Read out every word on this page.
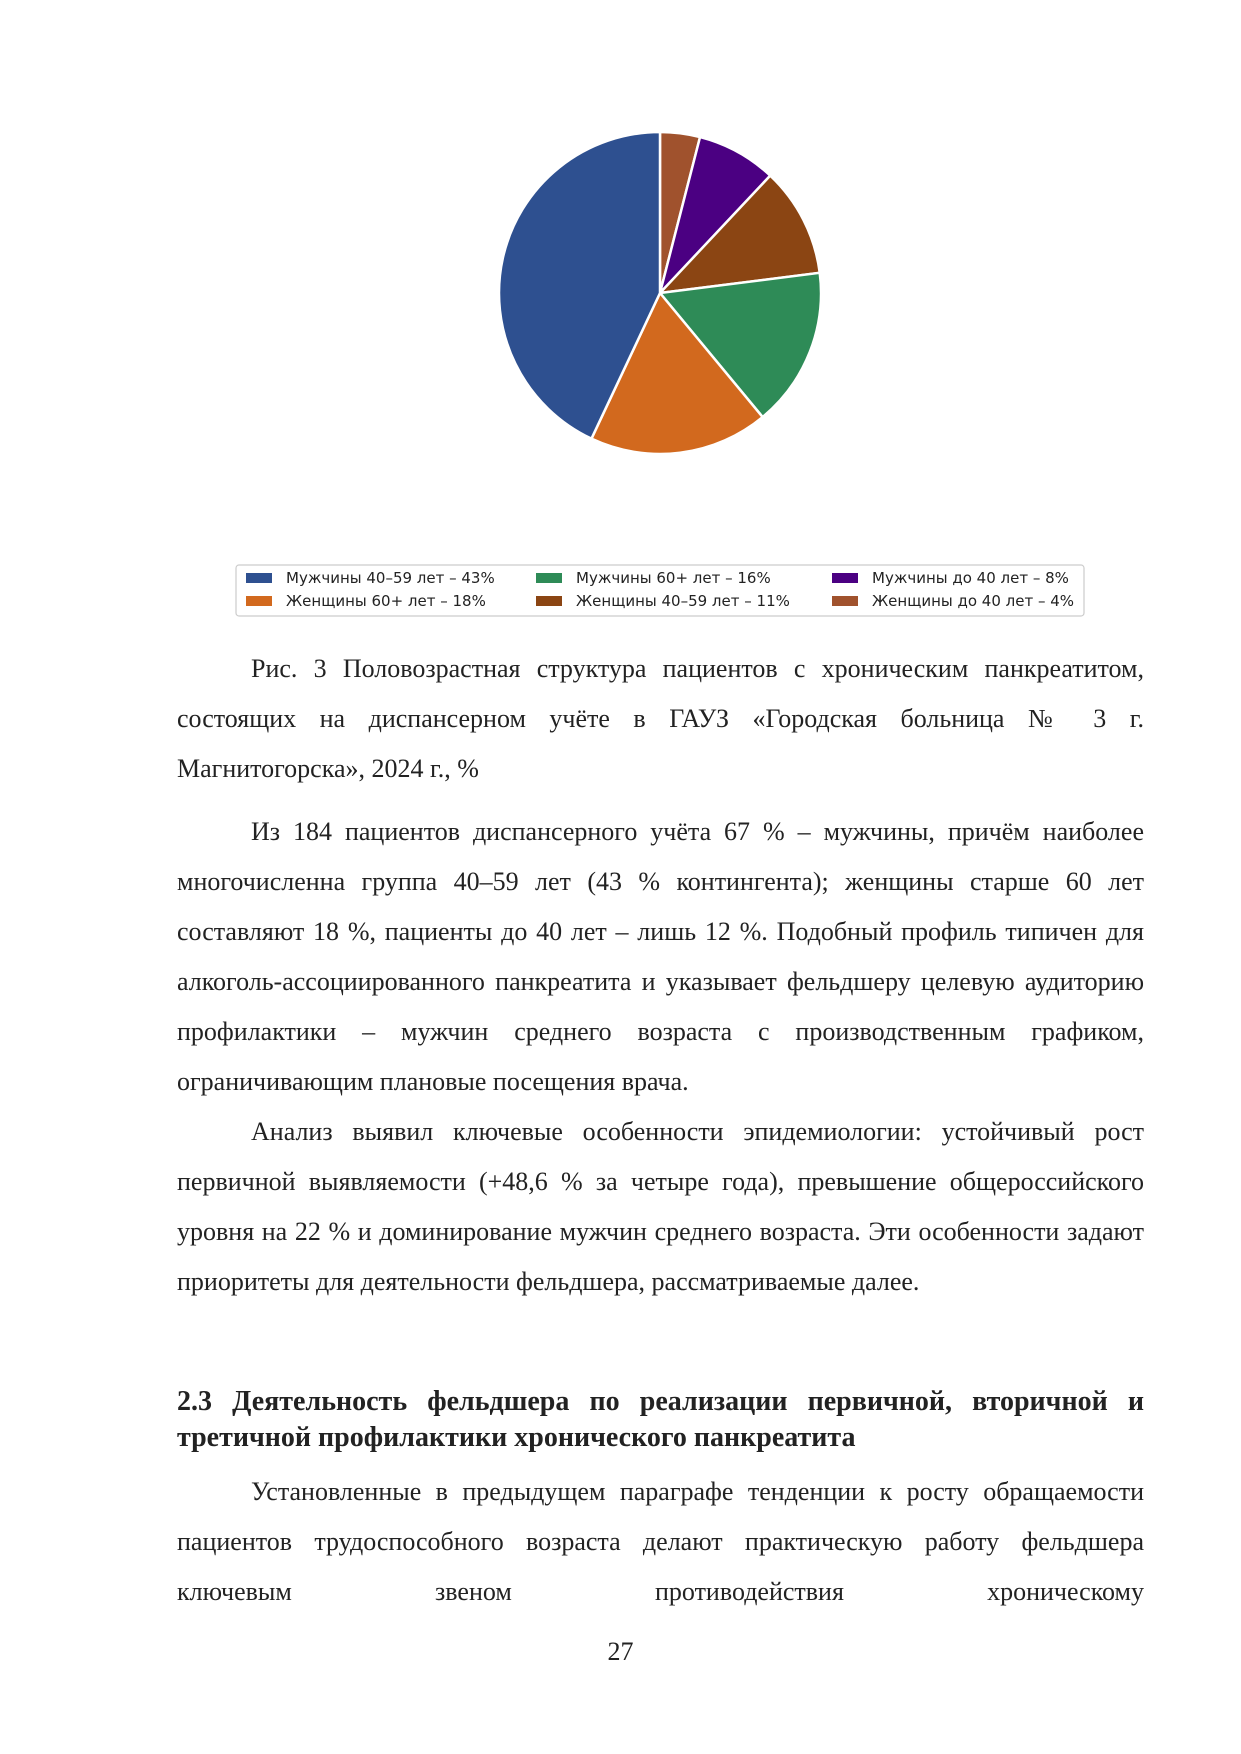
Мужчины 40–59 лет – 43%
Женщины 60+ лет – 18%
Мужчины 60+ лет – 16%
Женщины 40–59 лет – 11%
Мужчины до 40 лет – 8%
Женщины до 40 лет – 4%

Рис. 3 Половозрастная структура пациентов с хроническим панкреатитом, состоящих на диспансерном учёте в ГАУЗ «Городская больница № 3 г. Магнитогорска», 2024 г., %

Из 184 пациентов диспансерного учёта 67 % – мужчины, причём наиболее многочисленна группа 40–59 лет (43 % контингента); женщины старше 60 лет составляют 18 %, пациенты до 40 лет – лишь 12 %. Подобный профиль типичен для алкоголь-ассоциированного панкреатита и указывает фельдшеру целевую аудиторию профилактики – мужчин среднего возраста с производственным графиком, ограничивающим плановые посещения врача.

Анализ выявил ключевые особенности эпидемиологии: устойчивый рост первичной выявляемости (+48,6 % за четыре года), превышение общероссийского уровня на 22 % и доминирование мужчин среднего возраста. Эти особенности задают приоритеты для деятельности фельдшера, рассматриваемые далее.

2.3 Деятельность фельдшера по реализации первичной, вторичной и третичной профилактики хронического панкреатита

Установленные в предыдущем параграфе тенденции к росту обращаемости пациентов трудоспособного возраста делают практическую работу фельдшера ключевым звеном противодействия хроническому

27
